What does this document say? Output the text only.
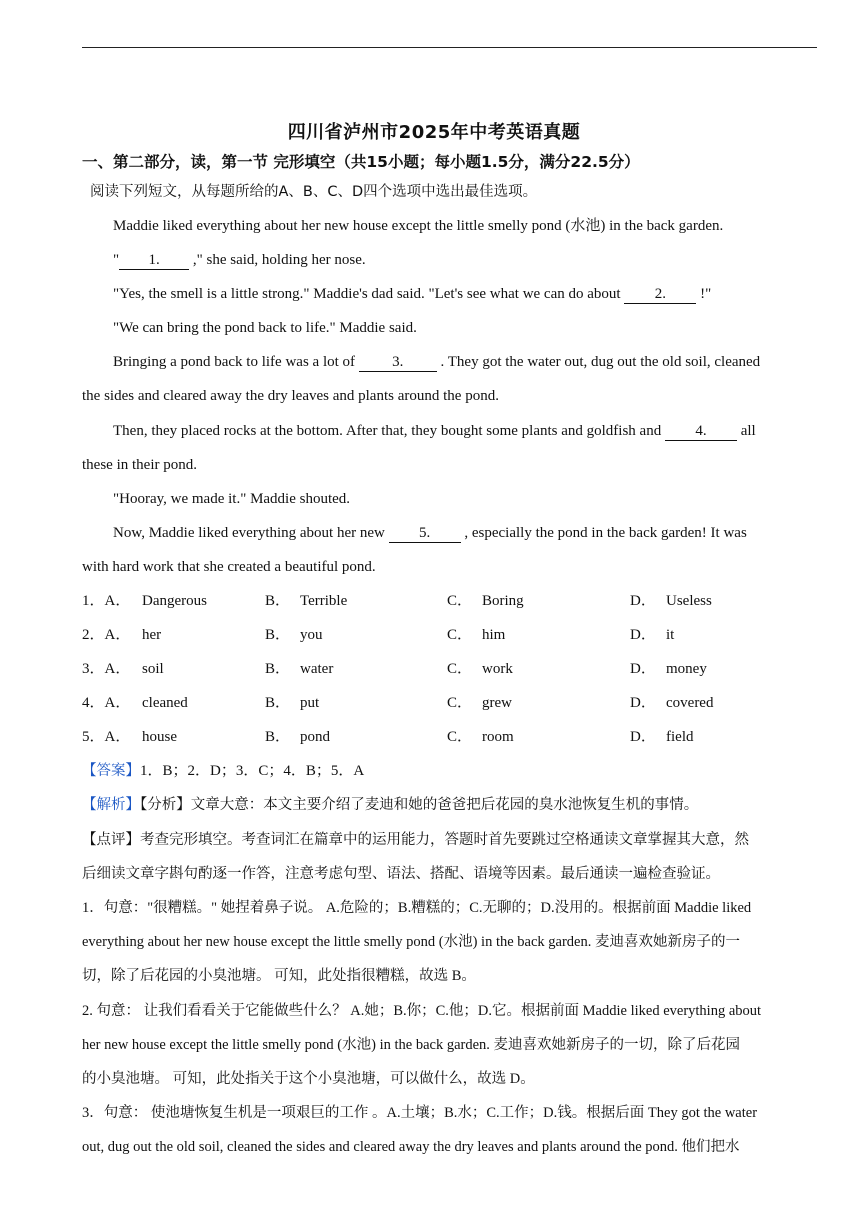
四川省泸州市2025年中考英语真题
一、第二部分，读，第一节 完形填空（共15小题；每小题1.5分，满分22.5分）
阅读下列短文，从每题所给的A、B、C、D四个选项中选出最佳选项。
Maddie liked everything about her new house except the little smelly pond (水池) in the back garden.
" 1. ," she said, holding her nose.
"Yes, the smell is a little strong." Maddie's dad said. "Let's see what we can do about 2. !"
"We can bring the pond back to life." Maddie said.
Bringing a pond back to life was a lot of 3. . They got the water out, dug out the old soil, cleaned
the sides and cleared away the dry leaves and plants around the pond.
Then, they placed rocks at the bottom. After that, they bought some plants and goldfish and 4. all
these in their pond.
"Hooray, we made it." Maddie shouted.
Now, Maddie liked everything about her new 5. , especially the pond in the back garden! It was
with hard work that she created a beautiful pond.
1．A． Dangerous	B． Terrible	C． Boring	D． Useless
2．A． her	B． you	C． him	D． it
3．A． soil	B． water	C． work	D． money
4．A． cleaned	B． put	C． grew	D． covered
5．A． house	B． pond	C． room	D． field
【答案】1．B；2．D；3．C；4．B；5．A
【解析】【分析】文章大意：本文主要介绍了麦迪和她的爸爸把后花园的臭水池恢复生机的事情。
【点评】考查完形填空。考查词汇在篇章中的运用能力，答题时首先要跳过空格通读文章掌握其大意，然
后细读文章字斟句酌逐一作答，注意考虑句型、语法、搭配、语境等因素。最后通读一遍检查验证。
1．句意："很糟糕。" 她捏着鼻子说。 A.危险的；B.糟糕的；C.无聊的；D.没用的。根据前面 Maddie liked
everything about her new house except the little smelly pond (水池) in the back garden. 麦迪喜欢她新房子的一
切，除了后花园的小臭池塘。 可知，此处指很糟糕，故选 B。
2. 句意： 让我们看看关于它能做些什么？ A.她；B.你；C.他；D.它。根据前面 Maddie liked everything about
her new house except the little smelly pond (水池) in the back garden. 麦迪喜欢她新房子的一切，除了后花园
的小臭池塘。 可知，此处指关于这个小臭池塘，可以做什么，故选 D。
3．句意： 使池塘恢复生机是一项艰巨的工作 。A.土壤；B.水；C.工作；D.钱。根据后面 They got the water
out, dug out the old soil, cleaned the sides and cleared away the dry leaves and plants around the pond. 他们把水
